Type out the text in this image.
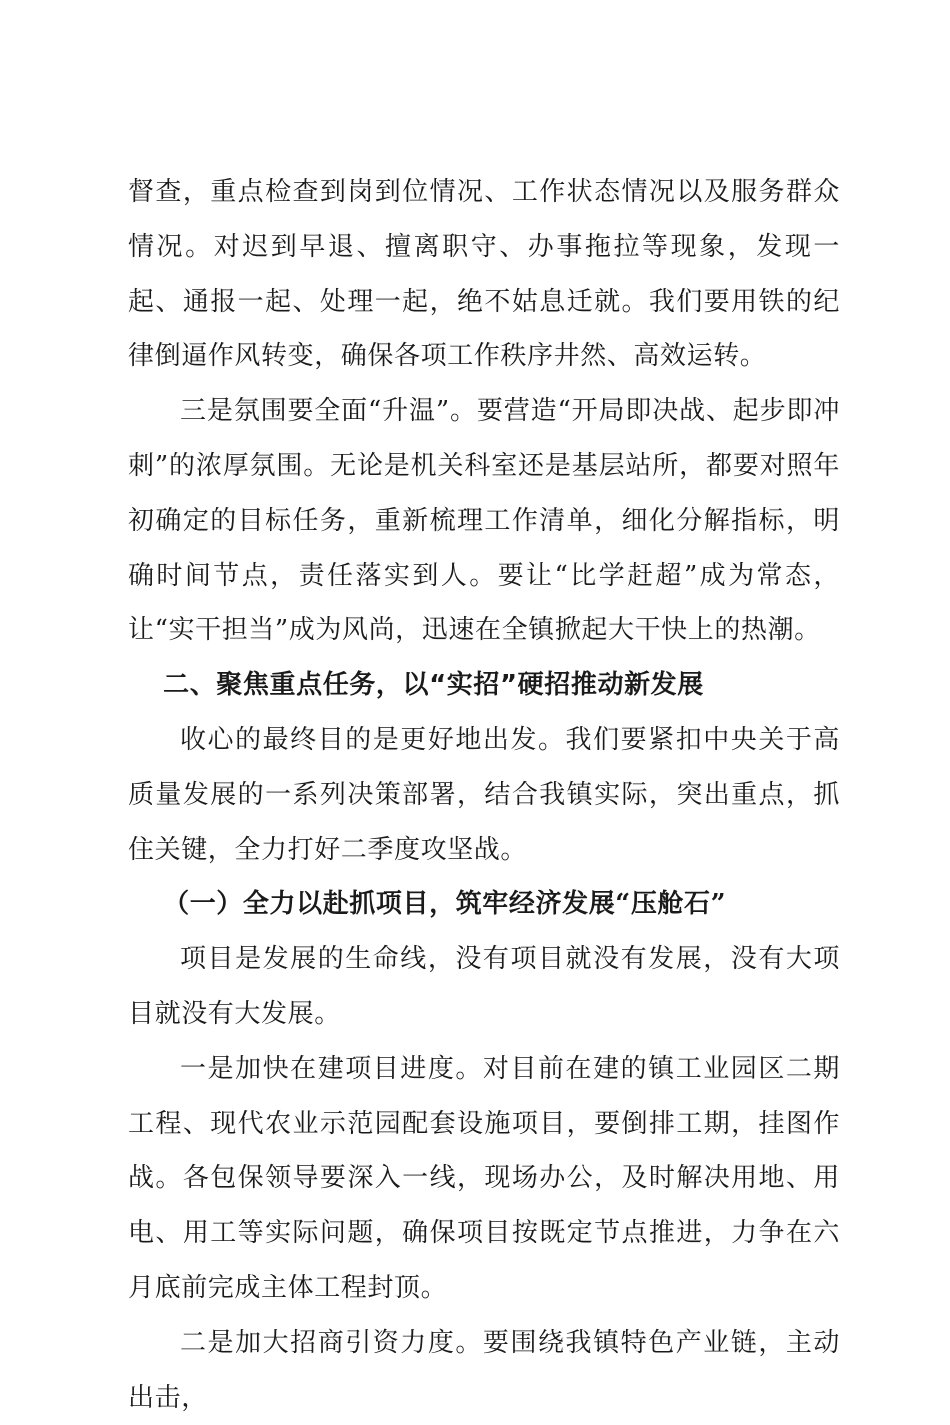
督查，重点检查到岗到位情况、工作状态情况以及服务群众情况。对迟到早退、擅离职守、办事拖拉等现象，发现一起、通报一起、处理一起，绝不姑息迁就。我们要用铁的纪律倒逼作风转变，确保各项工作秩序井然、高效运转。

三是氛围要全面“升温”。要营造“开局即决战、起步即冲刺”的浓厚氛围。无论是机关科室还是基层站所，都要对照年初确定的目标任务，重新梳理工作清单，细化分解指标，明确时间节点，责任落实到人。要让“比学赶超”成为常态，让“实干担当”成为风尚，迅速在全镇掀起大干快上的热潮。

二、聚焦重点任务，以“实招”硬招推动新发展

收心的最终目的是更好地出发。我们要紧扣中央关于高质量发展的一系列决策部署，结合我镇实际，突出重点，抓住关键，全力打好二季度攻坚战。

（一）全力以赴抓项目，筑牢经济发展“压舱石”

项目是发展的生命线，没有项目就没有发展，没有大项目就没有大发展。

一是加快在建项目进度。对目前在建的镇工业园区二期工程、现代农业示范园配套设施项目，要倒排工期，挂图作战。各包保领导要深入一线，现场办公，及时解决用地、用电、用工等实际问题，确保项目按既定节点推进，力争在六月底前完成主体工程封顶。

二是加大招商引资力度。要围绕我镇特色产业链，主动出击，
